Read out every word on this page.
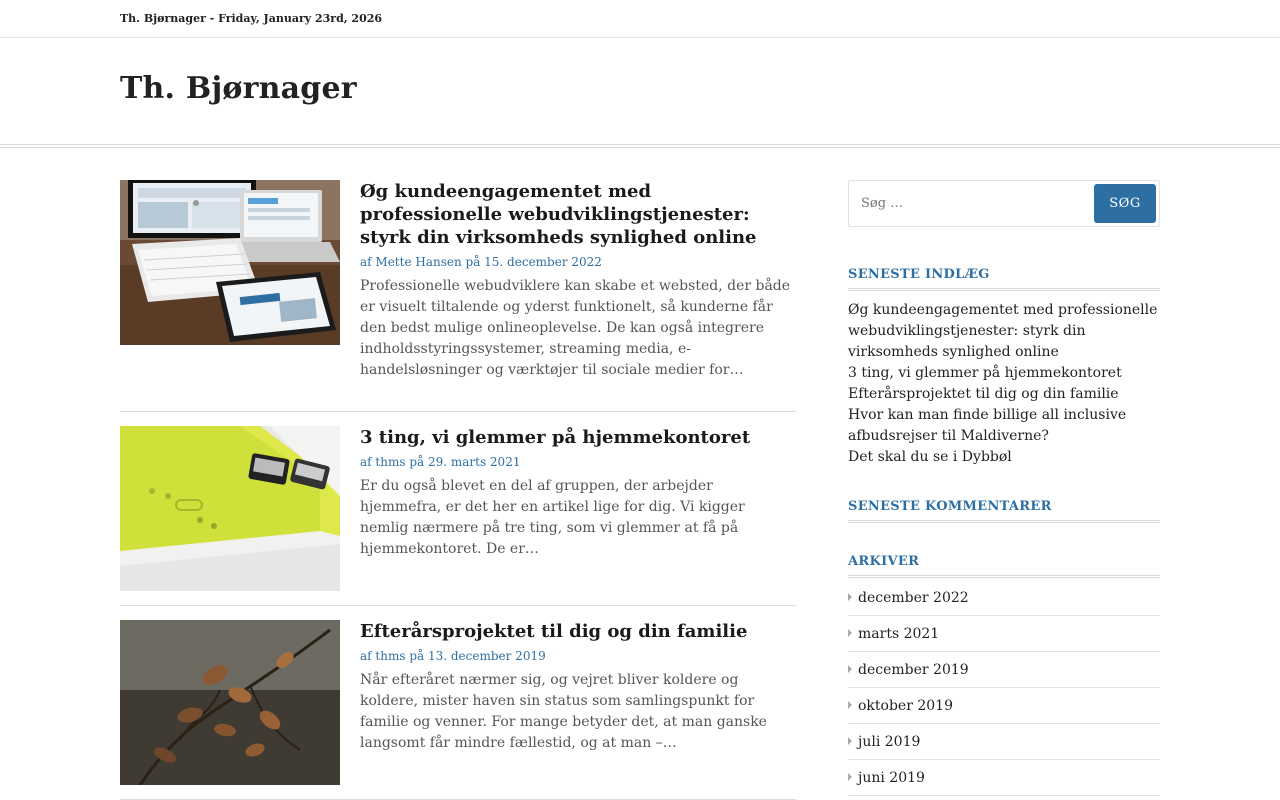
Th. Bjørnager - Friday, January 23rd, 2026
Th. Bjørnager
Øg kundeengagementet med professionelle webudviklingstjenester: styrk din virksomheds synlighed online
af Mette Hansen på 15. december 2022
Professionelle webudviklere kan skabe et websted, der både er visuelt tiltalende og yderst funktionelt, så kunderne får den bedst mulige onlineoplevelse. De kan også integrere indholdsstyringssystemer, streaming media, e-handelsløsninger og værktøjer til sociale medier for…
3 ting, vi glemmer på hjemmekontoret
af thms på 29. marts 2021
Er du også blevet en del af gruppen, der arbejder hjemmefra, er det her en artikel lige for dig. Vi kigger nemlig nærmere på tre ting, som vi glemmer at få på hjemmekontoret. De er…
Efterårsprojektet til dig og din familie
af thms på 13. december 2019
Når efteråret nærmer sig, og vejret bliver koldere og koldere, mister haven sin status som samlingspunkt for familie og venner. For mange betyder det, at man ganske langsomt får mindre fællestid, og at man –…
Søg …
SØG
SENESTE INDLÆG
Øg kundeengagementet med professionelle webudviklingstjenester: styrk din virksomheds synlighed online
3 ting, vi glemmer på hjemmekontoret
Efterårsprojektet til dig og din familie
Hvor kan man finde billige all inclusive afbudsrejser til Maldiverne?
Det skal du se i Dybbøl
SENESTE KOMMENTARER
ARKIVER
december 2022
marts 2021
december 2019
oktober 2019
juli 2019
juni 2019
